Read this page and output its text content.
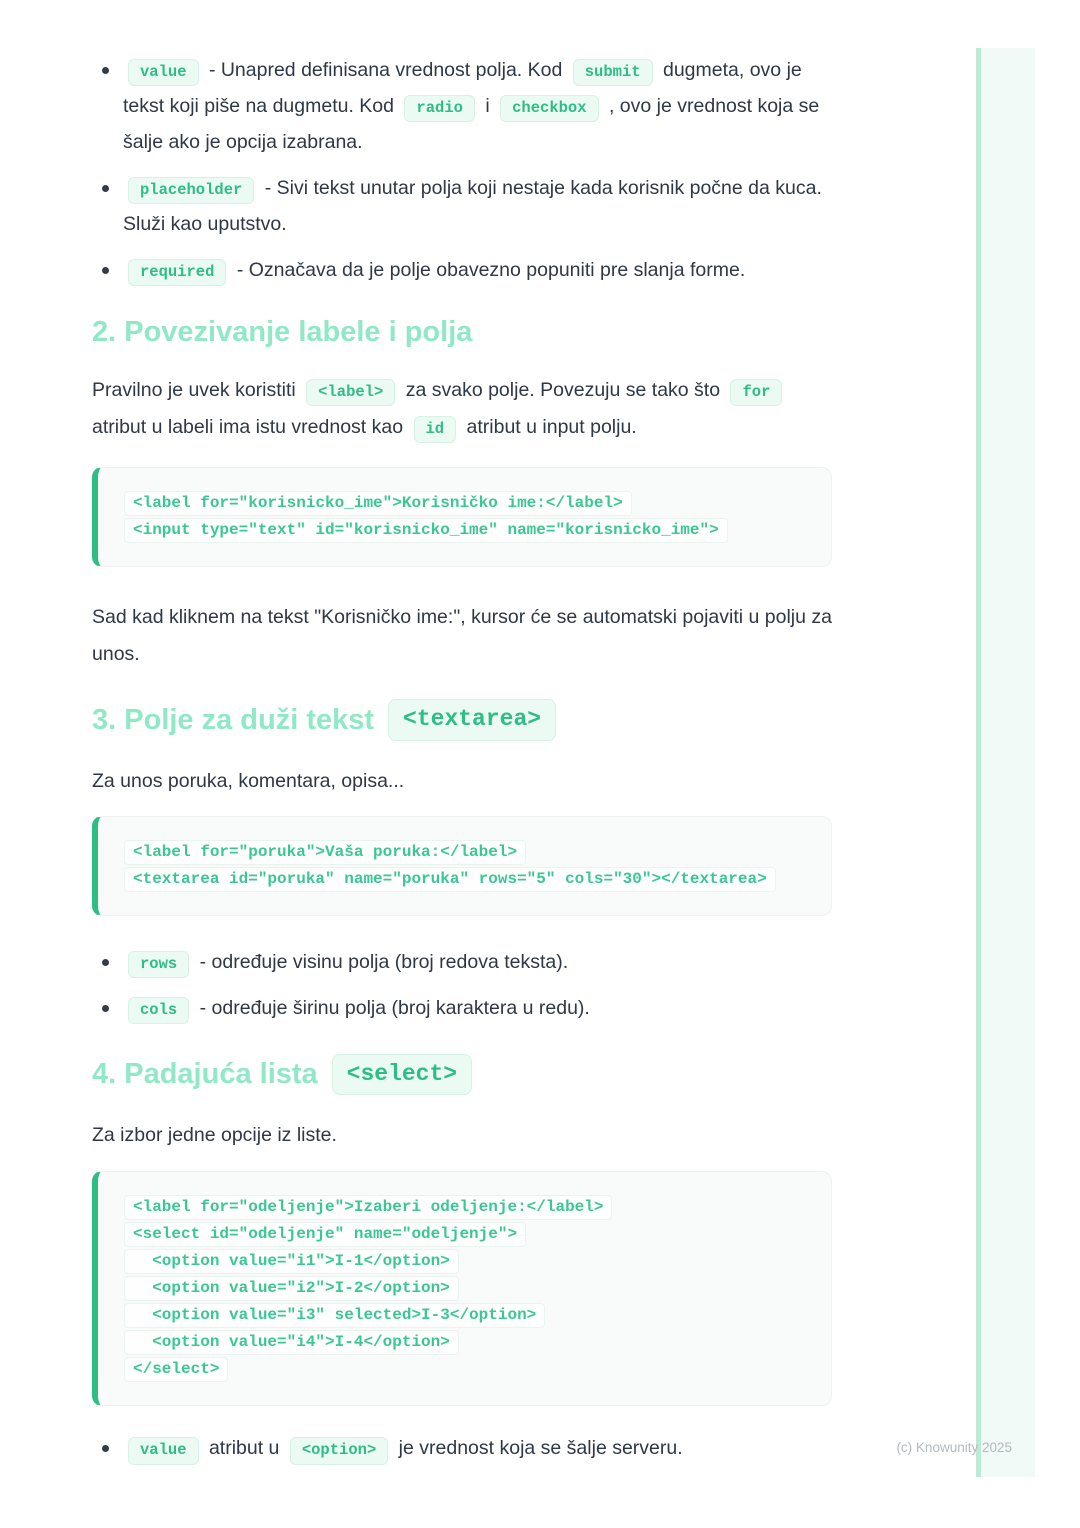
value - Unapred definisana vrednost polja. Kod submit dugmeta, ovo je tekst koji piše na dugmetu. Kod radio i checkbox , ovo je vrednost koja se šalje ako je opcija izabrana.
placeholder - Sivi tekst unutar polja koji nestaje kada korisnik počne da kuca. Služi kao uputstvo.
required - Označava da je polje obavezno popuniti pre slanja forme.
2. Povezivanje labele i polja

Pravilno je uvek koristiti <label> za svako polje. Povezuju se tako što for atribut u labeli ima istu vrednost kao id atribut u input polju.

<label for="korisnicko_ime">Korisničko ime:</label>
<input type="text" id="korisnicko_ime" name="korisnicko_ime">

Sad kad kliknem na tekst "Korisničko ime:", kursor će se automatski pojaviti u polju za unos.

3. Polje za duži tekst	<textarea>

Za unos poruka, komentara, opisa...

<label for="poruka">Vaša poruka:</label>
<textarea id="poruka" name="poruka" rows="5" cols="30"></textarea>
rows - određuje visinu polja (broj redova teksta).
cols - određuje širinu polja (broj karaktera u redu).
4. Padajuća lista	<select>

Za izbor jedne opcije iz liste.

<label for="odeljenje">Izaberi odeljenje:</label>
<select id="odeljenje" name="odeljenje">
<option value="i1">I-1</option>
<option value="i2">I-2</option>
<option value="i3" selected>I-3</option>
<option value="i4">I-4</option>
</select>
value atribut u <option> je vrednost koja se šalje serveru.	(c) Knowunity 2025
